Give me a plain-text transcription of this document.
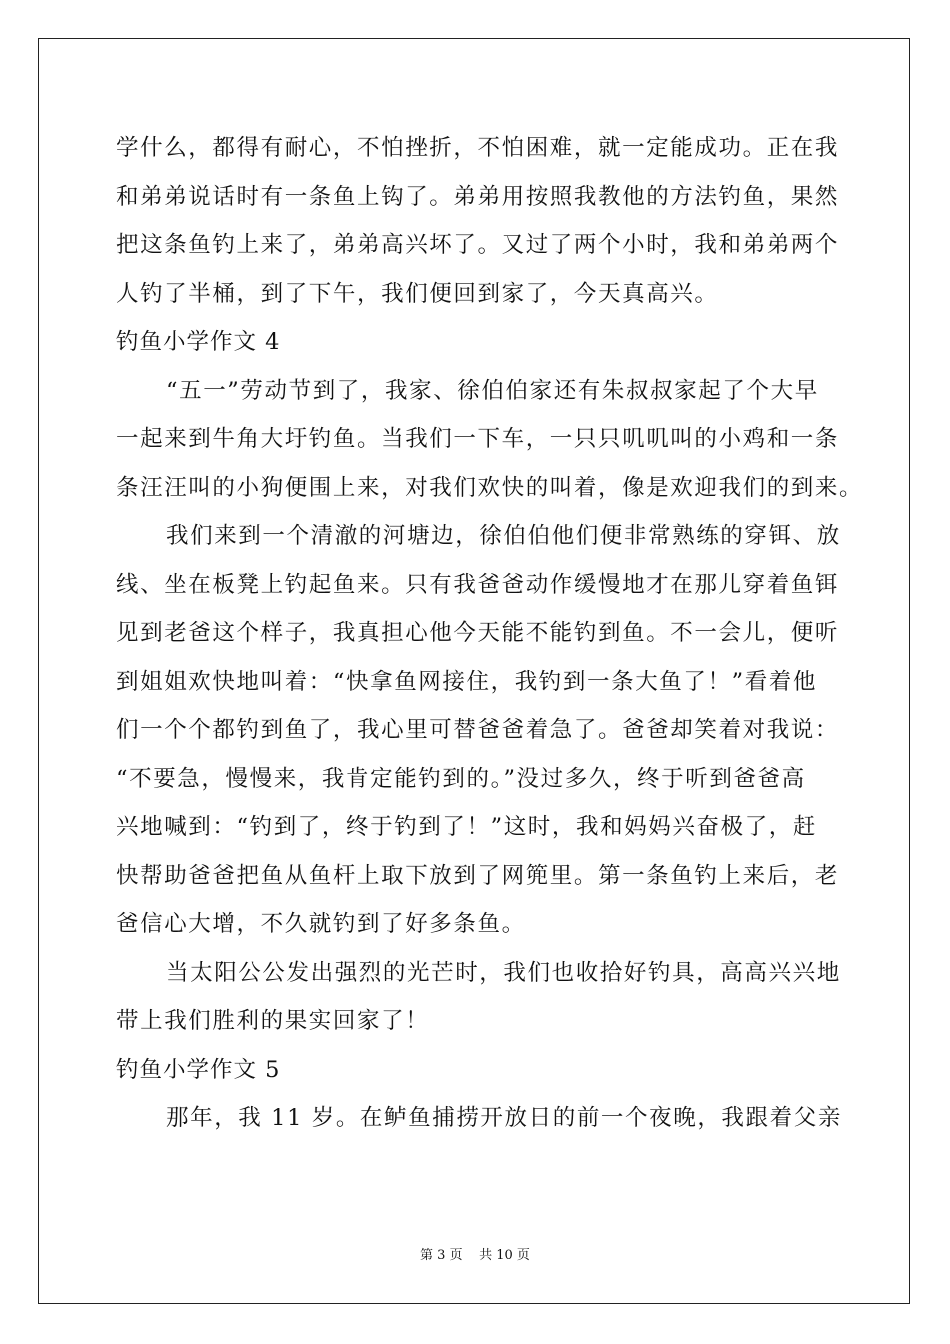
学什么，都得有耐心，不怕挫折，不怕困难，就一定能成功。正在我
和弟弟说话时有一条鱼上钩了。弟弟用按照我教他的方法钓鱼，果然
把这条鱼钓上来了，弟弟高兴坏了。又过了两个小时，我和弟弟两个
人钓了半桶，到了下午，我们便回到家了，今天真高兴。
钓鱼小学作文 4
“五一”劳动节到了，我家、徐伯伯家还有朱叔叔家起了个大早
一起来到牛角大圩钓鱼。当我们一下车，一只只叽叽叫的小鸡和一条
条汪汪叫的小狗便围上来，对我们欢快的叫着，像是欢迎我们的到来。
我们来到一个清澈的河塘边，徐伯伯他们便非常熟练的穿铒、放
线、坐在板凳上钓起鱼来。只有我爸爸动作缓慢地才在那儿穿着鱼铒
见到老爸这个样子，我真担心他今天能不能钓到鱼。不一会儿，便听
到姐姐欢快地叫着：“快拿鱼网接住，我钓到一条大鱼了！”看着他
们一个个都钓到鱼了，我心里可替爸爸着急了。爸爸却笑着对我说：
“不要急，慢慢来，我肯定能钓到的。”没过多久，终于听到爸爸高
兴地喊到：“钓到了，终于钓到了！”这时，我和妈妈兴奋极了，赶
快帮助爸爸把鱼从鱼杆上取下放到了网篼里。第一条鱼钓上来后，老
爸信心大增，不久就钓到了好多条鱼。
当太阳公公发出强烈的光芒时，我们也收拾好钓具，高高兴兴地
带上我们胜利的果实回家了！
钓鱼小学作文 5
那年，我 11 岁。在鲈鱼捕捞开放日的前一个夜晚，我跟着父亲
第 3 页 共 10 页
